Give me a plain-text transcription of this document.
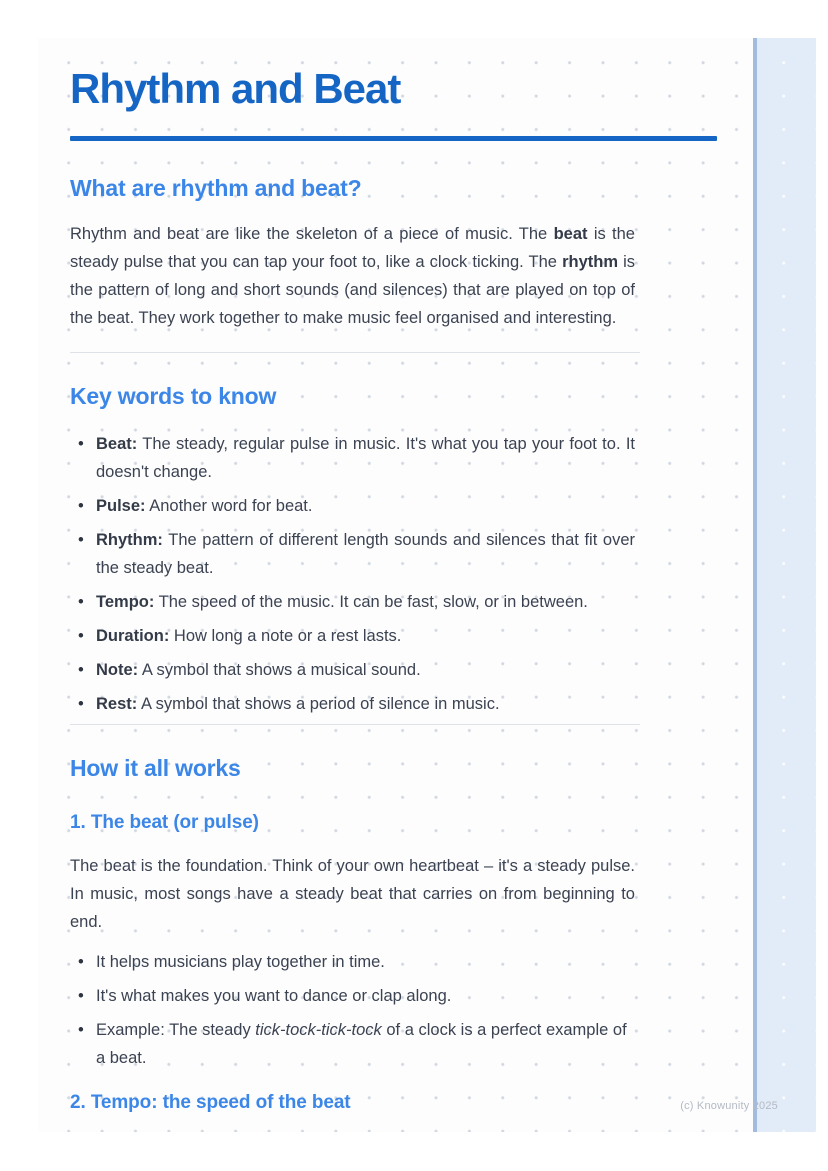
Rhythm and Beat
What are rhythm and beat?

Rhythm and beat are like the skeleton of a piece of music. The beat is the steady pulse that you can tap your foot to, like a clock ticking. The rhythm is the pattern of long and short sounds (and silences) that are played on top of the beat. They work together to make music feel organised and interesting.

Key words to know
• Beat: The steady, regular pulse in music. It's what you tap your foot to. It doesn't change.
• Pulse: Another word for beat.
• Rhythm: The pattern of different length sounds and silences that fit over the steady beat.
• Tempo: The speed of the music. It can be fast, slow, or in between.
• Duration: How long a note or a rest lasts.
• Note: A symbol that shows a musical sound.
• Rest: A symbol that shows a period of silence in music.
How it all works
1. The beat (or pulse)

The beat is the foundation. Think of your own heartbeat – it's a steady pulse. In music, most songs have a steady beat that carries on from beginning to end.

• It helps musicians play together in time.
• It's what makes you want to dance or clap along.
• Example: The steady tick-tock-tick-tock of a clock is a perfect example of a beat.
2. Tempo: the speed of the beat	(c) Knowunity 2025
